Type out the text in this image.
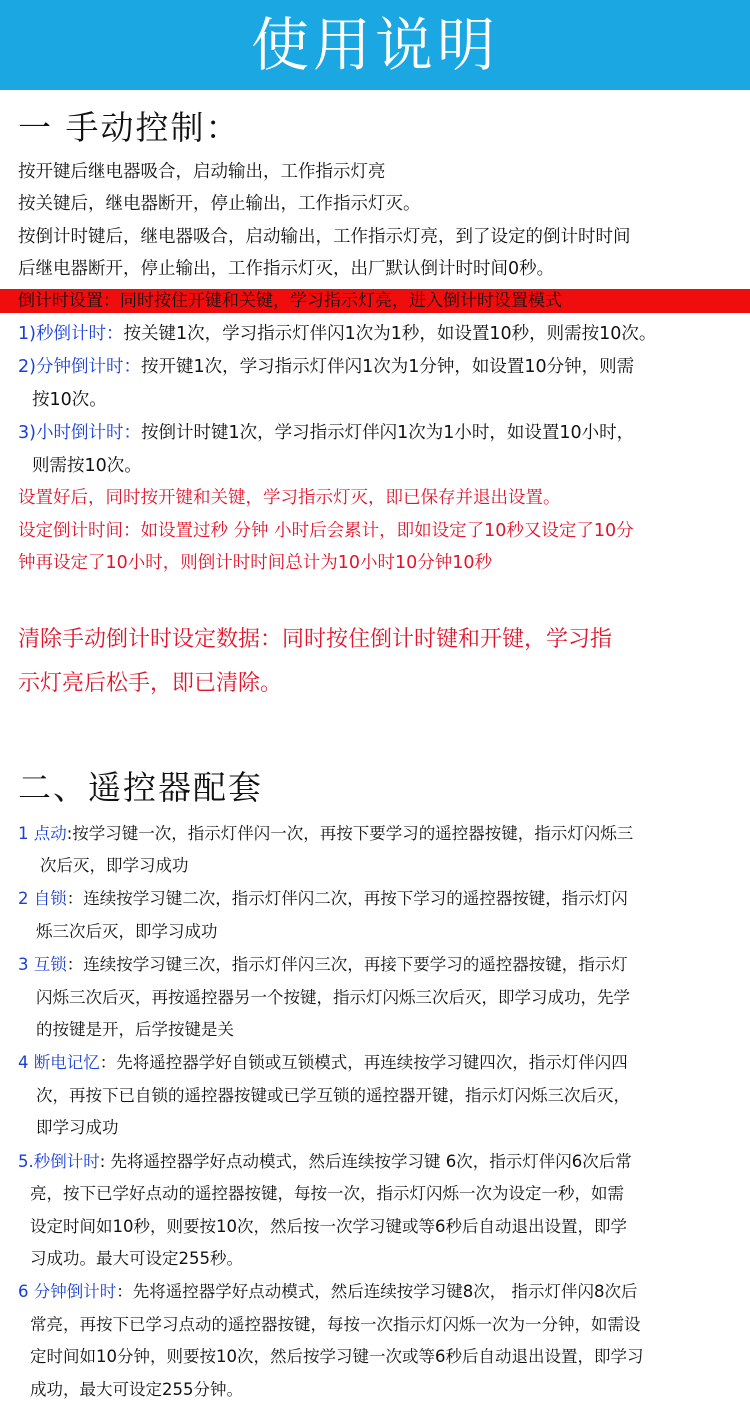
使用说明
一 手动控制：
按开键后继电器吸合，启动输出，工作指示灯亮
按关键后，继电器断开，停止输出，工作指示灯灭。
按倒计时键后，继电器吸合，启动输出，工作指示灯亮，到了设定的倒计时时间
后继电器断开，停止输出，工作指示灯灭，出厂默认倒计时时间0秒。
倒计时设置：同时按住开键和关键，学习指示灯亮，进入倒计时设置模式
1)秒倒计时：按关键1次，学习指示灯伴闪1次为1秒，如设置10秒，则需按10次。
2)分钟倒计时：按开键1次，学习指示灯伴闪1次为1分钟，如设置10分钟，则需
按10次。
3)小时倒计时：按倒计时键1次，学习指示灯伴闪1次为1小时，如设置10小时，
则需按10次。
设置好后，同时按开键和关键，学习指示灯灭，即已保存并退出设置。
设定倒计时间：如设置过秒 分钟 小时后会累计，即如设定了10秒又设定了10分
钟再设定了10小时，则倒计时时间总计为10小时10分钟10秒
清除手动倒计时设定数据：同时按住倒计时键和开键，学习指
示灯亮后松手，即已清除。
二、遥控器配套
1 点动:按学习键一次，指示灯伴闪一次，再按下要学习的遥控器按键，指示灯闪烁三
次后灭，即学习成功
2 自锁：连续按学习键二次，指示灯伴闪二次，再按下学习的遥控器按键，指示灯闪
烁三次后灭，即学习成功
3 互锁：连续按学习键三次，指示灯伴闪三次，再接下要学习的遥控器按键，指示灯
闪烁三次后灭，再按遥控器另一个按键，指示灯闪烁三次后灭，即学习成功，先学
的按键是开，后学按键是关
4 断电记忆：先将遥控器学好自锁或互锁模式，再连续按学习键四次，指示灯伴闪四
次，再按下已自锁的遥控器按键或已学互锁的遥控器开键，指示灯闪烁三次后灭，
即学习成功
5.秒倒计时: 先将遥控器学好点动模式，然后连续按学习键 6次，指示灯伴闪6次后常
亮，按下已学好点动的遥控器按键，每按一次，指示灯闪烁一次为设定一秒，如需
设定时间如10秒，则要按10次，然后按一次学习键或等6秒后自动退出设置，即学
习成功。最大可设定255秒。
6 分钟倒计时：先将遥控器学好点动模式，然后连续按学习键8次， 指示灯伴闪8次后
常亮，再按下已学习点动的遥控器按键，每按一次指示灯闪烁一次为一分钟，如需设
定时间如10分钟，则要按10次，然后按学习键一次或等6秒后自动退出设置，即学习
成功，最大可设定255分钟。
